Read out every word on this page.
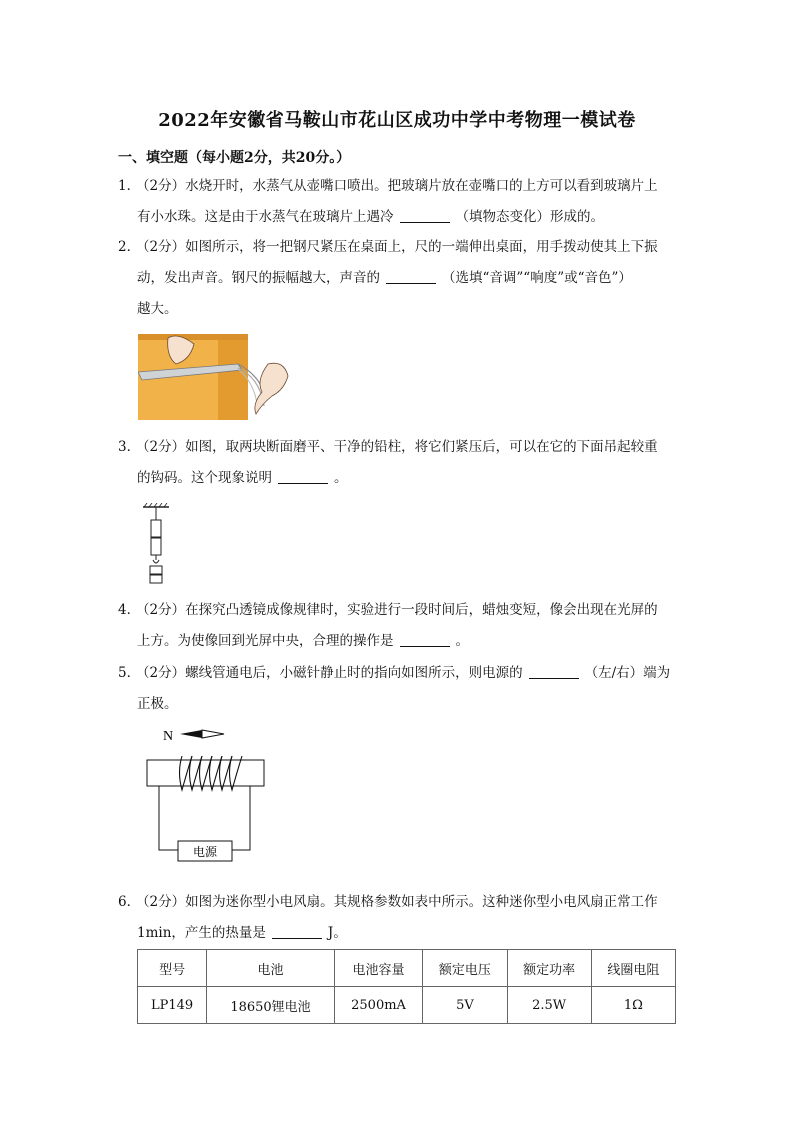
2022年安徽省马鞍山市花山区成功中学中考物理一模试卷
一、填空题（每小题2分，共20分。）
1．（2分）水烧开时，水蒸气从壶嘴口喷出。把玻璃片放在壶嘴口的上方可以看到玻璃片上
有小水珠。这是由于水蒸气在玻璃片上遇冷	（填物态变化）形成的。
2．（2分）如图所示，将一把钢尺紧压在桌面上，尺的一端伸出桌面，用手拨动使其上下振
动，发出声音。钢尺的振幅越大，声音的	（选填“音调”“响度”或“音色”）
越大。
3．（2分）如图，取两块断面磨平、干净的铅柱，将它们紧压后，可以在它的下面吊起较重
的钩码。这个现象说明	。
4．（2分）在探究凸透镜成像规律时，实验进行一段时间后，蜡烛变短，像会出现在光屏的
上方。为使像回到光屏中央，合理的操作是	。
5．（2分）螺线管通电后，小磁针静止时的指向如图所示，则电源的	（左/右）端为
正极。
N
电源
6．（2分）如图为迷你型小电风扇。其规格参数如表中所示。这种迷你型小电风扇正常工作
1min，产生的热量是	J。
型号	电池	电池容量	额定电压	额定功率	线圈电阻
LP149	18650锂电池	2500mA	5V	2.5W	1Ω
